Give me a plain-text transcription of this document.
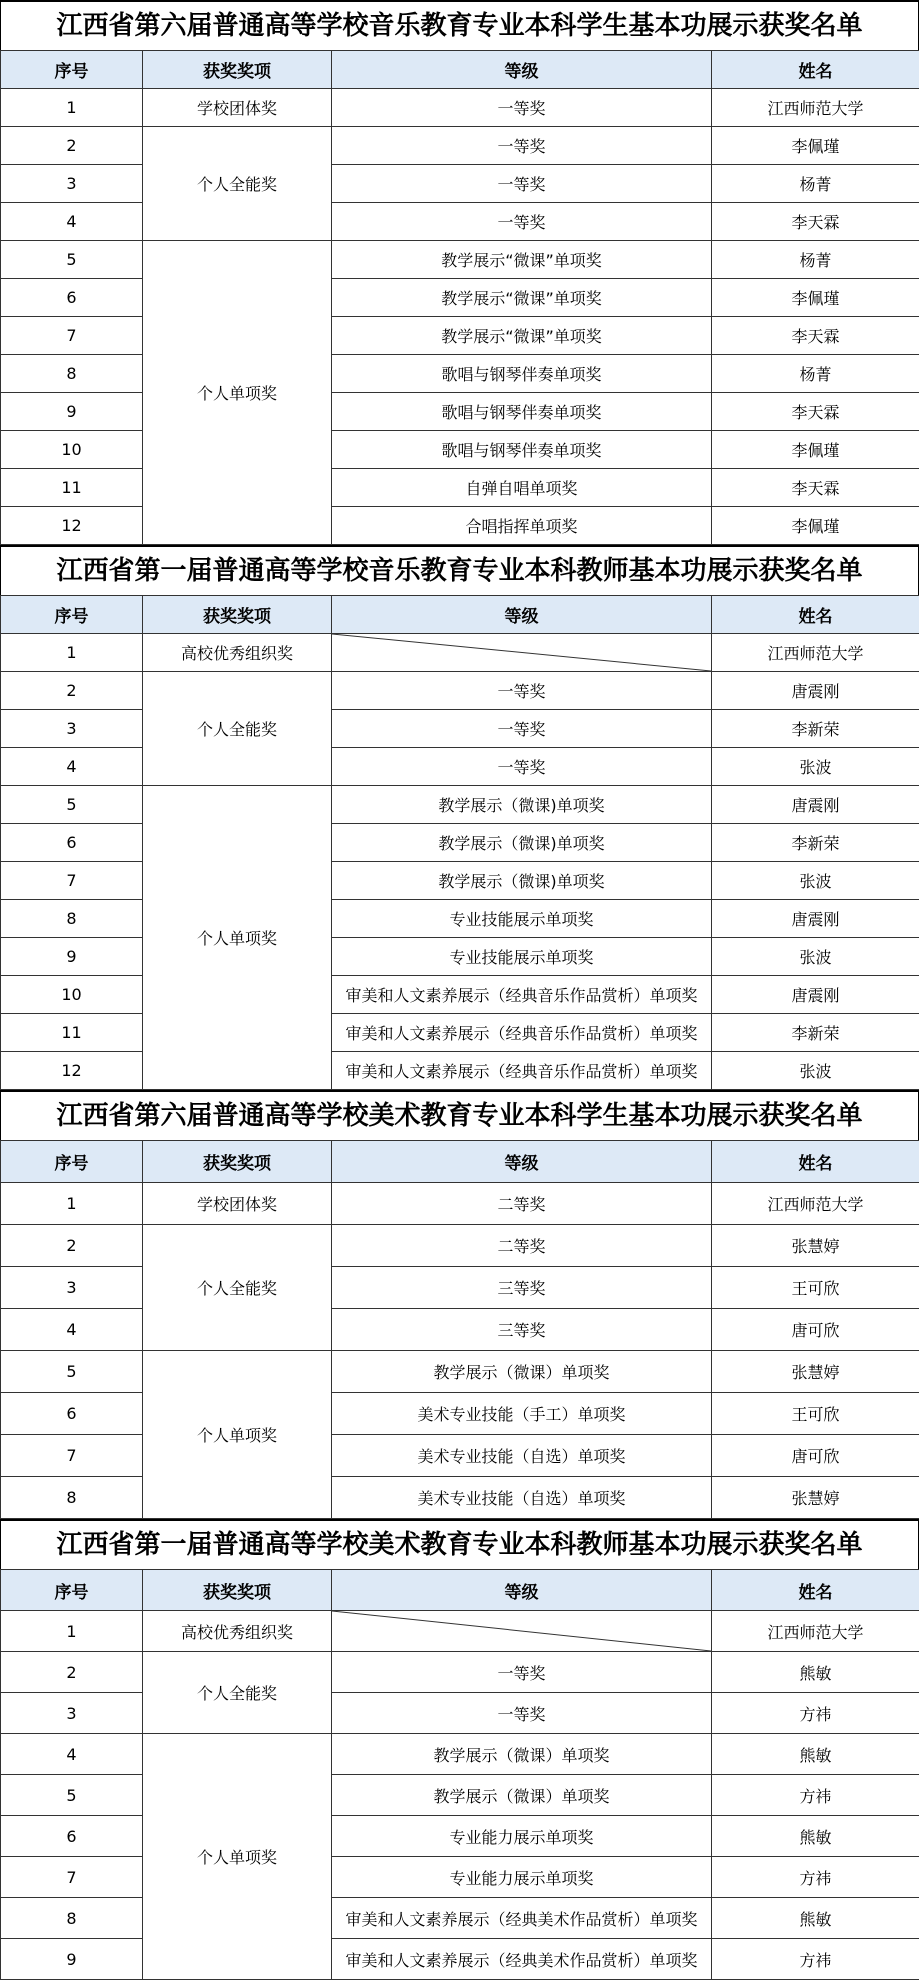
江西省第六届普通高等学校音乐教育专业本科学生基本功展示获奖名单
序号	获奖奖项	等级	姓名
1	学校团体奖	一等奖	江西师范大学
2	个人全能奖	一等奖	李佩瑾
3		一等奖	杨菁
4		一等奖	李天霖
5	个人单项奖	教学展示“微课”单项奖	杨菁
6		教学展示“微课”单项奖	李佩瑾
7		教学展示“微课”单项奖	李天霖
8		歌唱与钢琴伴奏单项奖	杨菁
9		歌唱与钢琴伴奏单项奖	李天霖
10		歌唱与钢琴伴奏单项奖	李佩瑾
11		自弹自唱单项奖	李天霖
12		合唱指挥单项奖	李佩瑾
江西省第一届普通高等学校音乐教育专业本科教师基本功展示获奖名单
序号	获奖奖项	等级	姓名
1	高校优秀组织奖		江西师范大学
2	个人全能奖	一等奖	唐震刚
3		一等奖	李新荣
4		一等奖	张波
5	个人单项奖	教学展示（微课)单项奖	唐震刚
6		教学展示（微课)单项奖	李新荣
7		教学展示（微课)单项奖	张波
8		专业技能展示单项奖	唐震刚
9		专业技能展示单项奖	张波
10		审美和人文素养展示（经典音乐作品赏析）单项奖	唐震刚
11		审美和人文素养展示（经典音乐作品赏析）单项奖	李新荣
12		审美和人文素养展示（经典音乐作品赏析）单项奖	张波
江西省第六届普通高等学校美术教育专业本科学生基本功展示获奖名单
序号	获奖奖项	等级	姓名
1	学校团体奖	二等奖	江西师范大学
2	个人全能奖	二等奖	张慧婷
3		三等奖	王可欣
4		三等奖	唐可欣
5	个人单项奖	教学展示（微课）单项奖	张慧婷
6		美术专业技能（手工）单项奖	王可欣
7		美术专业技能（自选）单项奖	唐可欣
8		美术专业技能（自选）单项奖	张慧婷
江西省第一届普通高等学校美术教育专业本科教师基本功展示获奖名单
序号	获奖奖项	等级	姓名
1	高校优秀组织奖		江西师范大学
2	个人全能奖	一等奖	熊敏
3		一等奖	方祎
4	个人单项奖	教学展示（微课）单项奖	熊敏
5		教学展示（微课）单项奖	方祎
6		专业能力展示单项奖	熊敏
7		专业能力展示单项奖	方祎
8		审美和人文素养展示（经典美术作品赏析）单项奖	熊敏
9		审美和人文素养展示（经典美术作品赏析）单项奖	方祎
